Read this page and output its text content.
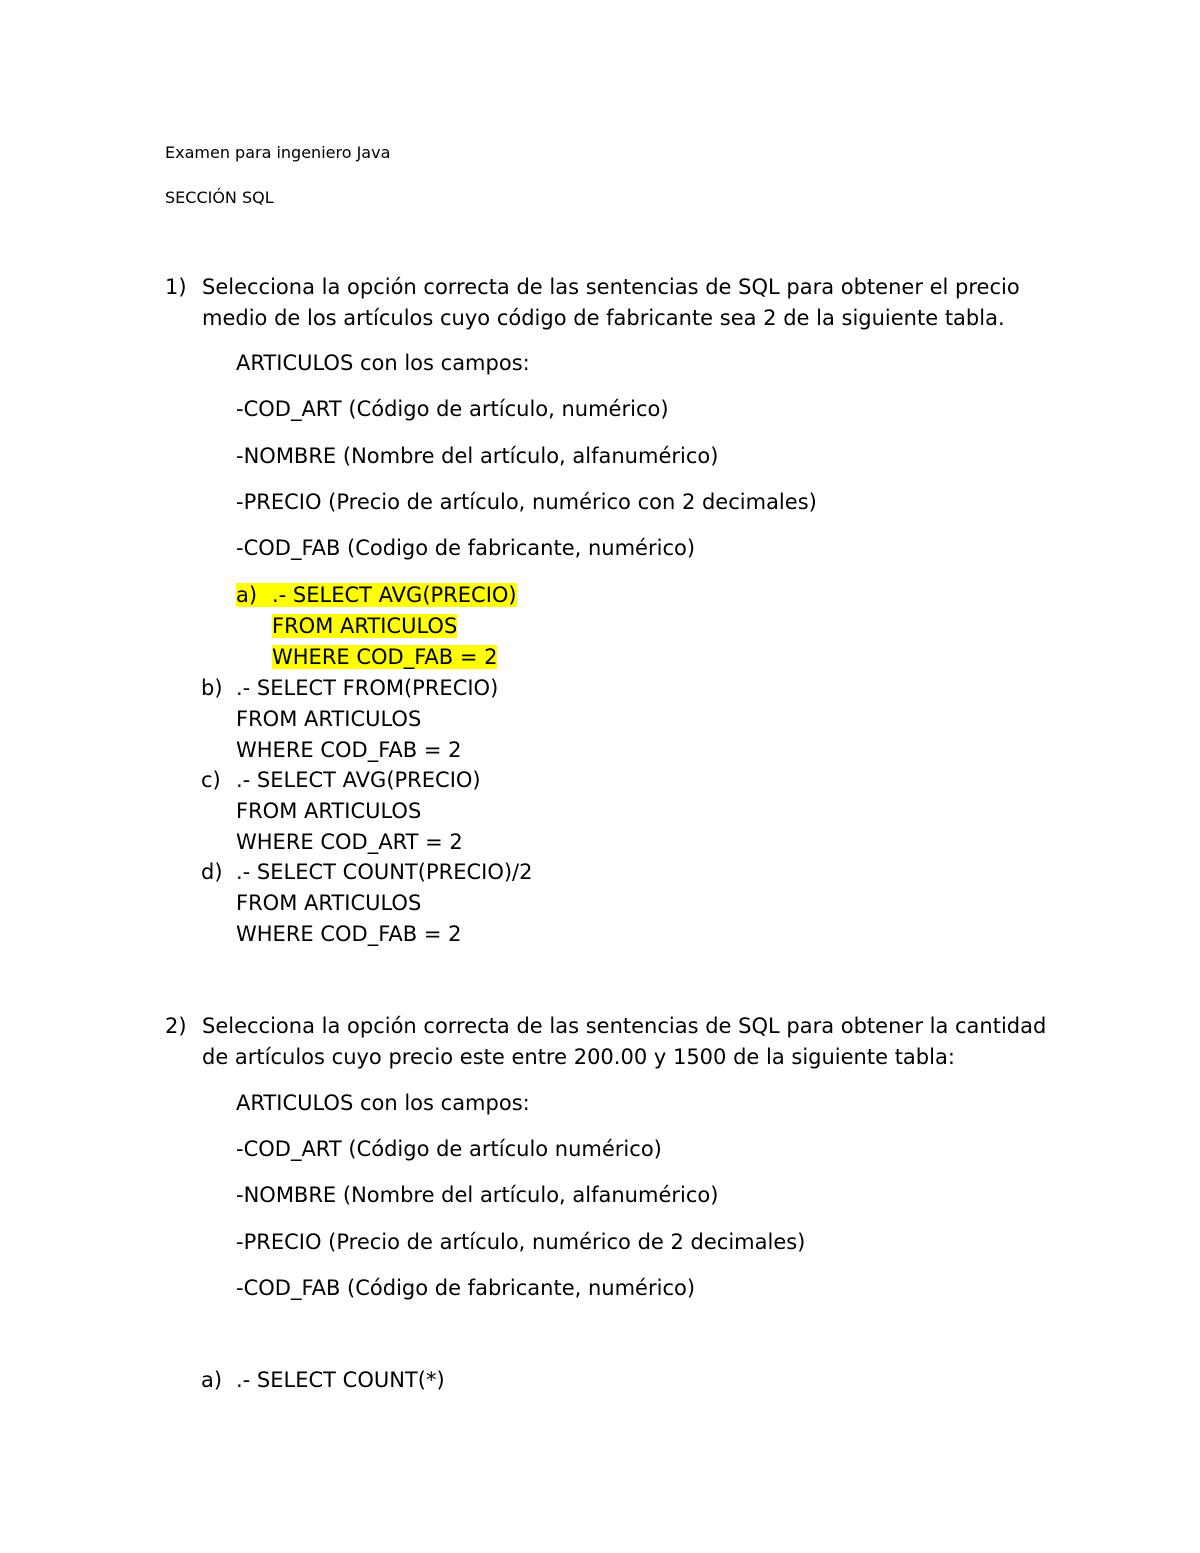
Examen para ingeniero Java
SECCIÓN SQL
1) Selecciona la opción correcta de las sentencias de SQL para obtener el precio
medio de los artículos cuyo código de fabricante sea 2 de la siguiente tabla.
ARTICULOS con los campos:
-COD_ART (Código de artículo, numérico)
-NOMBRE (Nombre del artículo, alfanumérico)
-PRECIO (Precio de artículo, numérico con 2 decimales)
-COD_FAB (Codigo de fabricante, numérico)
a) .- SELECT AVG(PRECIO)
FROM ARTICULOS
WHERE COD_FAB = 2
b) .- SELECT FROM(PRECIO)
FROM ARTICULOS
WHERE COD_FAB = 2
c) .- SELECT AVG(PRECIO)
FROM ARTICULOS
WHERE COD_ART = 2
d) .- SELECT COUNT(PRECIO)/2
FROM ARTICULOS
WHERE COD_FAB = 2
2) Selecciona la opción correcta de las sentencias de SQL para obtener la cantidad
de artículos cuyo precio este entre 200.00 y 1500 de la siguiente tabla:
ARTICULOS con los campos:
-COD_ART (Código de artículo numérico)
-NOMBRE (Nombre del artículo, alfanumérico)
-PRECIO (Precio de artículo, numérico de 2 decimales)
-COD_FAB (Código de fabricante, numérico)
a) .- SELECT COUNT(*)
